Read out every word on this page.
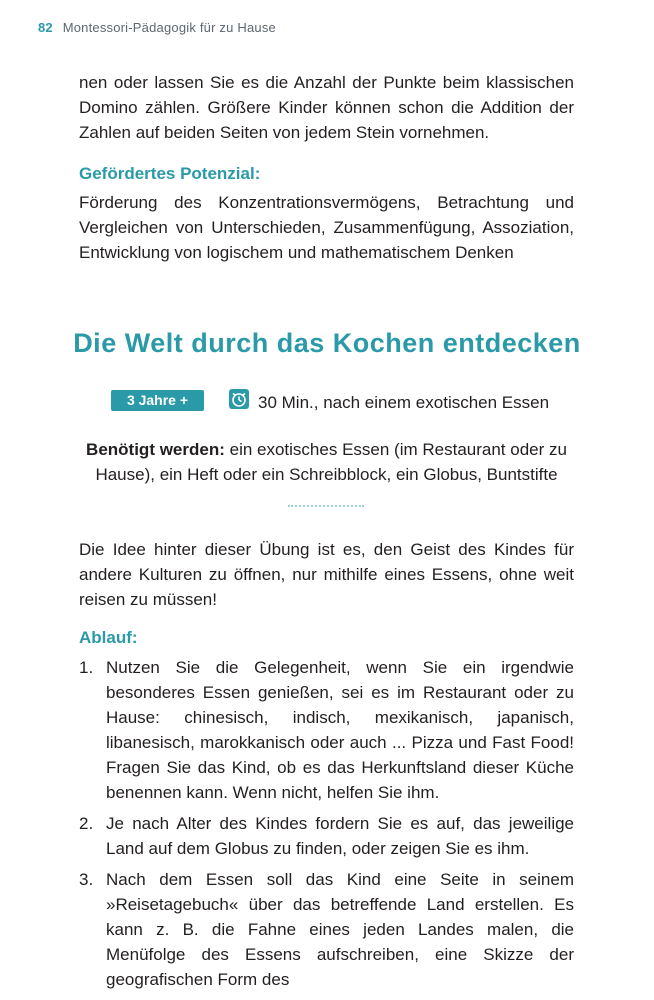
82 Montessori-Pädagogik für zu Hause

nen oder lassen Sie es die Anzahl der Punkte beim klassischen Domino zählen. Größere Kinder können schon die Addition der Zahlen auf beiden Seiten von jedem Stein vornehmen.

Gefördertes Potenzial:

Förderung des Konzentrationsvermögens, Betrachtung und Vergleichen von Unterschieden, Zusammenfügung, Assoziation, Entwicklung von logischem und mathematischem Denken

Die Welt durch das Kochen entdecken
3 Jahre +	30 Min., nach einem exotischen Essen
Benötigt werden: ein exotisches Essen (im Restaurant oder zu Hause), ein Heft oder ein Schreibblock, ein Globus, Buntstifte

Die Idee hinter dieser Übung ist es, den Geist des Kindes für andere Kulturen zu öffnen, nur mithilfe eines Essens, ohne weit reisen zu müssen!

Ablauf:
1. Nutzen Sie die Gelegenheit, wenn Sie ein irgendwie besonderes Essen genießen, sei es im Restaurant oder zu Hause: chinesisch, indisch, mexikanisch, japanisch, libanesisch, marokkanisch oder auch ... Pizza und Fast Food! Fragen Sie das Kind, ob es das Herkunftsland dieser Küche benennen kann. Wenn nicht, helfen Sie ihm.
2. Je nach Alter des Kindes fordern Sie es auf, das jeweilige Land auf dem Globus zu finden, oder zeigen Sie es ihm.
3. Nach dem Essen soll das Kind eine Seite in seinem »Reisetagebuch« über das betreffende Land erstellen. Es kann z. B. die Fahne eines jeden Landes malen, die Menüfolge des Essens aufschreiben, eine Skizze der geografischen Form des
